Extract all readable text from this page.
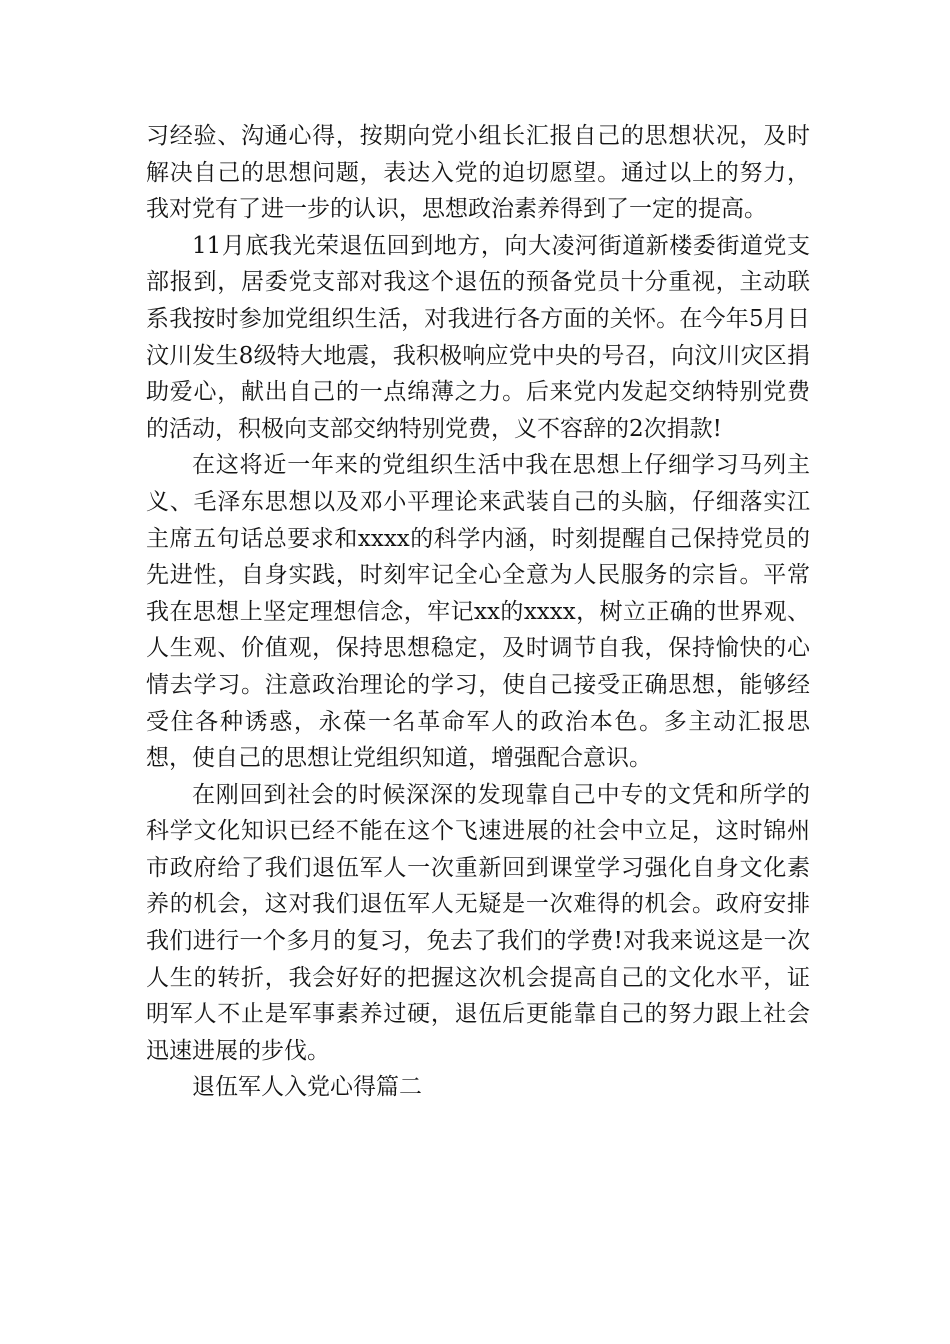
习经验、沟通心得，按期向党小组长汇报自己的思想状况，及时解决自己的思想问题，表达入党的迫切愿望。通过以上的努力，我对党有了进一步的认识，思想政治素养得到了一定的提高。

11月底我光荣退伍回到地方，向大凌河街道新楼委街道党支部报到，居委党支部对我这个退伍的预备党员十分重视，主动联系我按时参加党组织生活，对我进行各方面的关怀。在今年5月日汶川发生8级特大地震，我积极响应党中央的号召，向汶川灾区捐助爱心，献出自己的一点绵薄之力。后来党内发起交纳特别党费的活动，积极向支部交纳特别党费，义不容辞的2次捐款!

在这将近一年来的党组织生活中我在思想上仔细学习马列主义、毛泽东思想以及邓小平理论来武装自己的头脑，仔细落实江主席五句话总要求和xxxx的科学内涵，时刻提醒自己保持党员的先进性，自身实践，时刻牢记全心全意为人民服务的宗旨。平常我在思想上坚定理想信念，牢记xx的xxxx，树立正确的世界观、人生观、价值观，保持思想稳定，及时调节自我，保持愉快的心情去学习。注意政治理论的学习，使自己接受正确思想，能够经受住各种诱惑，永葆一名革命军人的政治本色。多主动汇报思想，使自己的思想让党组织知道，增强配合意识。

在刚回到社会的时候深深的发现靠自己中专的文凭和所学的科学文化知识已经不能在这个飞速进展的社会中立足，这时锦州市政府给了我们退伍军人一次重新回到课堂学习强化自身文化素养的机会，这对我们退伍军人无疑是一次难得的机会。政府安排我们进行一个多月的复习，免去了我们的学费!对我来说这是一次人生的转折，我会好好的把握这次机会提高自己的文化水平，证明军人不止是军事素养过硬，退伍后更能靠自己的努力跟上社会迅速进展的步伐。

退伍军人入党心得篇二
